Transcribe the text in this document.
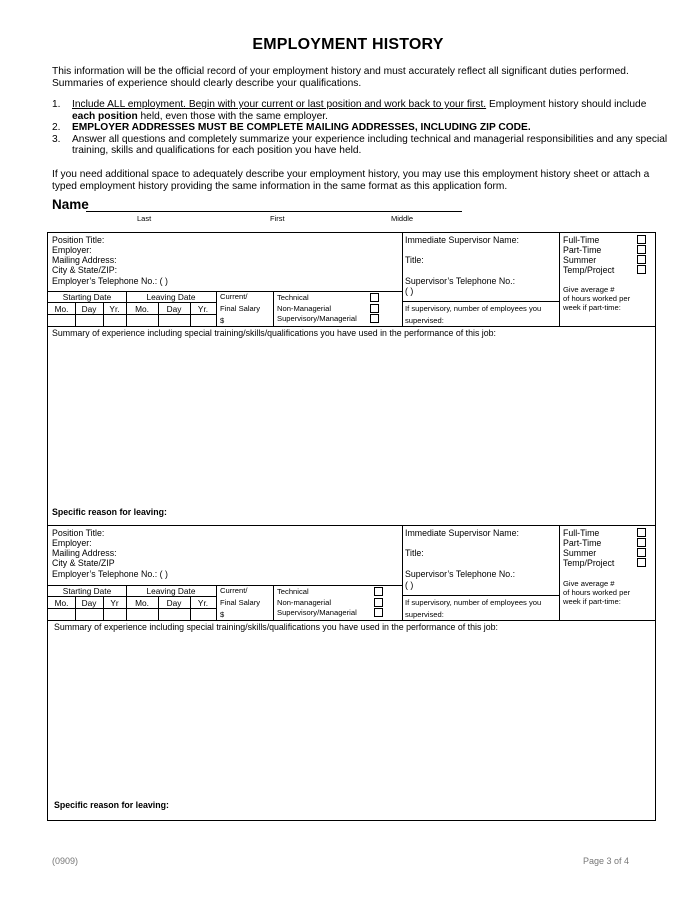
EMPLOYMENT HISTORY
This information will be the official record of your employment history and must accurately reflect all significant duties performed. Summaries of experience should clearly describe your qualifications.
1. Include ALL employment. Begin with your current or last position and work back to your first. Employment history should include
each position held, even those with the same employer.
2. EMPLOYER ADDRESSES MUST BE COMPLETE MAILING ADDRESSES, INCLUDING ZIP CODE.
3. Answer all questions and completely summarize your experience including technical and managerial responsibilities and any special training, skills and qualifications for each position you have held.
If you need additional space to adequately describe your employment history, you may use this employment history sheet or attach a typed employment history providing the same information in the same format as this application form.
Name
Last	First	Middle
Position Title:
Employer:
Mailing Address:
City & State/ZIP:
Employer’s Telephone No.: ( )
Starting Date	Leaving Date
Mo.	Day	Yr.	Mo.	Day	Yr.
Current/
Final Salary
$
Technical
Non-Managerial
Supervisory/Managerial
Immediate Supervisor Name:
Title:
Supervisor’s Telephone No.:
( )
If supervisory, number of employees you
supervised:
Full-Time
Part-Time
Summer
Temp/Project
Give average #
of hours worked per
week if part-time:
Summary of experience including special training/skills/qualifications you have used in the performance of this job:
Specific reason for leaving:
Position Title:
Employer:
Mailing Address:
City & State/ZIP
Employer’s Telephone No.: ( )
Starting Date	Leaving Date
Mo.	Day	Yr	Mo.	Day	Yr.
Current/
Final Salary
$
Technical
Non-managerial
Supervisory/Managerial
Immediate Supervisor Name:
Title:
Supervisor’s Telephone No.:
( )
If supervisory, number of employees you
supervised:
Full-Time
Part-Time
Summer
Temp/Project
Give average #
of hours worked per
week if part-time:
Summary of experience including special training/skills/qualifications you have used in the performance of this job:
Specific reason for leaving:
(0909)	Page 3 of 4
